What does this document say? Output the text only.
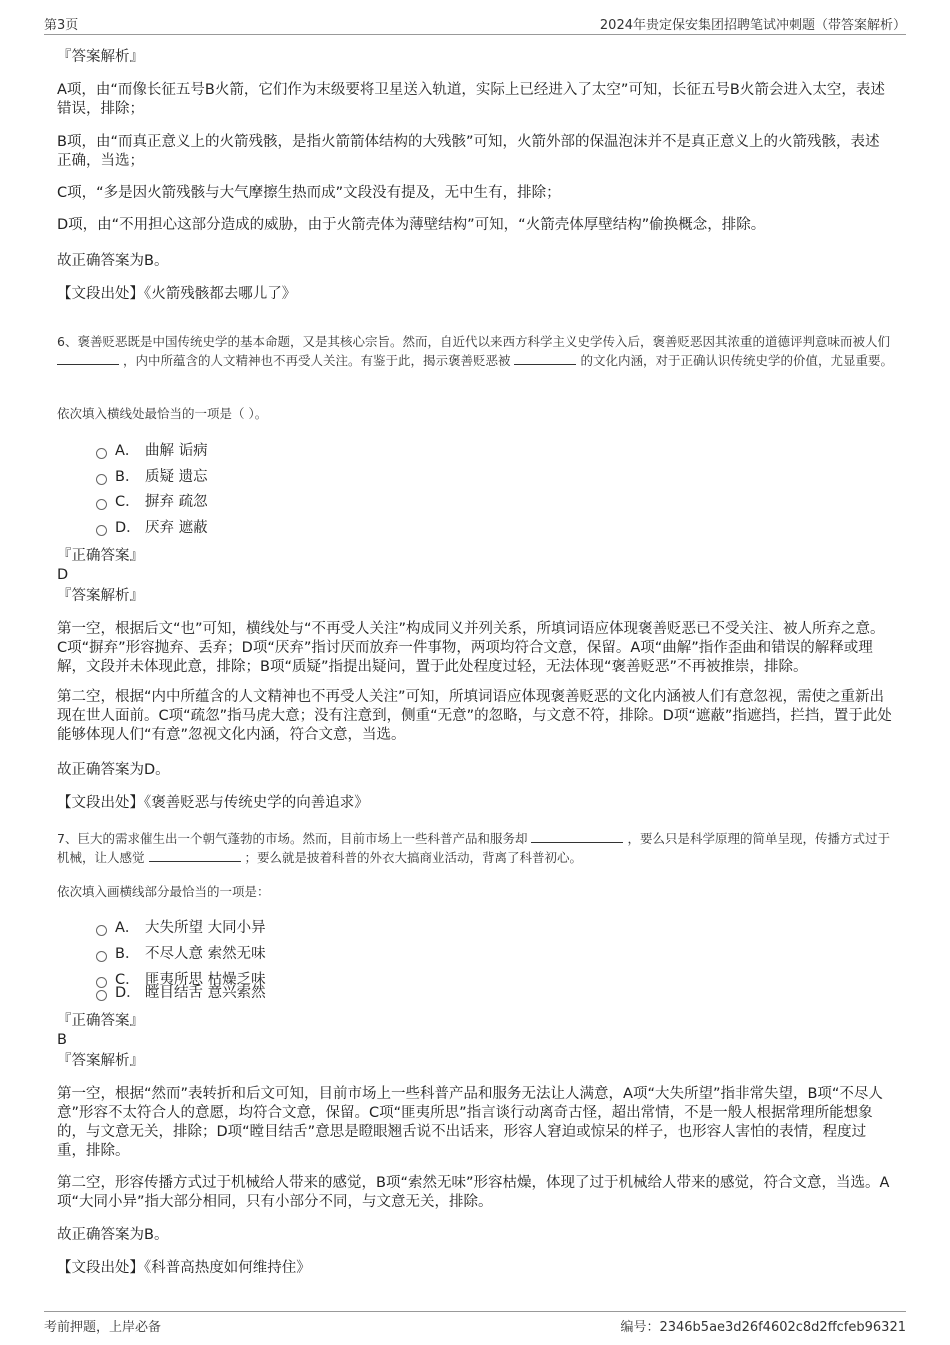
第3页	2024年贵定保安集团招聘笔试冲刺题（带答案解析）
『答案解析』
A项，由“而像长征五号B火箭，它们作为末级要将卫星送入轨道，实际上已经进入了太空”可知，长征五号B火箭会进入太空，表述错误，排除；
B项，由“而真正意义上的火箭残骸，是指火箭箭体结构的大残骸”可知，火箭外部的保温泡沫并不是真正意义上的火箭残骸，表述正确，当选；
C项，“多是因火箭残骸与大气摩擦生热而成”文段没有提及，无中生有，排除；
D项，由“不用担心这部分造成的威胁，由于火箭壳体为薄壁结构”可知，“火箭壳体厚壁结构”偷换概念，排除。
故正确答案为B。
【文段出处】《火箭残骸都去哪儿了》
6、褒善贬恶既是中国传统史学的基本命题，又是其核心宗旨。然而，自近代以来西方科学主义史学传入后，褒善贬恶因其浓重的道德评判意味而被人们  ，内中所蕴含的人文精神也不再受人关注。有鉴于此，揭示褒善贬恶被	的文化内涵，对于正确认识传统史学的价值，尤显重要。
依次填入横线处最恰当的一项是（ ）。
A． 曲解 诟病
B． 质疑 遗忘
C． 摒弃 疏忽
D． 厌弃 遮蔽
『正确答案』
D
『答案解析』
第一空，根据后文“也”可知，横线处与“不再受人关注”构成同义并列关系，所填词语应体现褒善贬恶已不受关注、被人所弃之意。C项“摒弃”形容抛弃、丢弃；D项“厌弃”指讨厌而放弃一件事物，两项均符合文意，保留。A项“曲解”指作歪曲和错误的解释或理解，文段并未体现此意，排除；B项“质疑”指提出疑问，置于此处程度过轻，无法体现“褒善贬恶”不再被推崇，排除。
第二空，根据“内中所蕴含的人文精神也不再受人关注”可知，所填词语应体现褒善贬恶的文化内涵被人们有意忽视，需使之重新出现在世人面前。C项“疏忽”指马虎大意；没有注意到，侧重“无意”的忽略，与文意不符，排除。D项“遮蔽”指遮挡，拦挡，置于此处能够体现人们“有意”忽视文化内涵，符合文意，当选。
故正确答案为D。
【文段出处】《褒善贬恶与传统史学的向善追求》
7、巨大的需求催生出一个朝气蓬勃的市场。然而，目前市场上一些科普产品和服务却	，要么只是科学原理的简单呈现，传播方式过于机械，让人感觉	；要么就是披着科普的外衣大搞商业活动，背离了科普初心。
依次填入画横线部分最恰当的一项是：
A． 大失所望 大同小异
B． 不尽人意 索然无味
C． 匪夷所思 枯燥乏味
D． 瞠目结舌 意兴索然
『正确答案』
B
『答案解析』
第一空，根据“然而”表转折和后文可知，目前市场上一些科普产品和服务无法让人满意，A项“大失所望”指非常失望，B项“不尽人意”形容不太符合人的意愿，均符合文意，保留。C项“匪夷所思”指言谈行动离奇古怪，超出常情，不是一般人根据常理所能想象的，与文意无关，排除；D项“瞠目结舌”意思是瞪眼翘舌说不出话来，形容人窘迫或惊呆的样子，也形容人害怕的表情，程度过重，排除。
第二空，形容传播方式过于机械给人带来的感觉，B项“索然无味”形容枯燥，体现了过于机械给人带来的感觉，符合文意，当选。A项“大同小异”指大部分相同，只有小部分不同，与文意无关，排除。
故正确答案为B。
【文段出处】《科普高热度如何维持住》
考前押题，上岸必备	编号：2346b5ae3d26f4602c8d2ffcfeb96321
